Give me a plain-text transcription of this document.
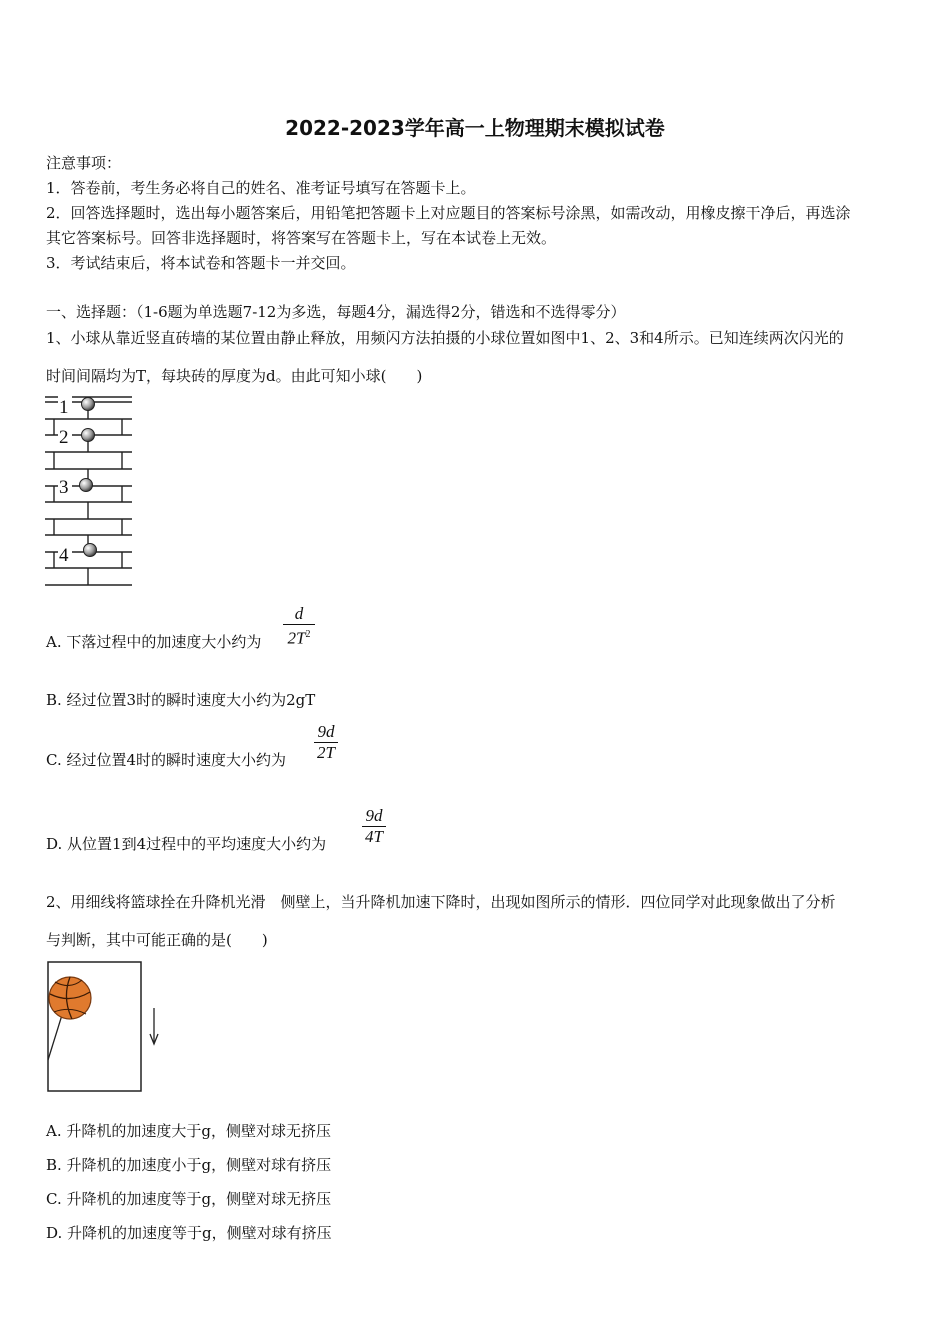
2022-2023学年高一上物理期末模拟试卷
注意事项：
1．答卷前，考生务必将自己的姓名、准考证号填写在答题卡上。
2．回答选择题时，选出每小题答案后，用铅笔把答题卡上对应题目的答案标号涂黑，如需改动，用橡皮擦干净后，再选涂
其它答案标号。回答非选择题时，将答案写在答题卡上，写在本试卷上无效。
3．考试结束后，将本试卷和答题卡一并交回。
一、选择题：（1-6题为单选题7-12为多选，每题4分，漏选得2分，错选和不选得零分）
1、小球从靠近竖直砖墙的某位置由静止释放，用频闪方法拍摄的小球位置如图中1、2、3和4所示。已知连续两次闪光的
时间间隔均为T，每块砖的厚度为d。由此可知小球(　　)
1
2
3
4
A. 下落过程中的加速度大小约为
d
$2T^2$
B. 经过位置3时的瞬时速度大小约为2gT
C. 经过位置4时的瞬时速度大小约为
9d
2T
D. 从位置1到4过程中的平均速度大小约为
9d
4T
2、用细线将篮球拴在升降机光滑　侧壁上，当升降机加速下降时，出现如图所示的情形．四位同学对此现象做出了分析
与判断，其中可能正确的是(　　)
A. 升降机的加速度大于g，侧壁对球无挤压
B. 升降机的加速度小于g，侧壁对球有挤压
C. 升降机的加速度等于g，侧壁对球无挤压
D. 升降机的加速度等于g，侧壁对球有挤压
